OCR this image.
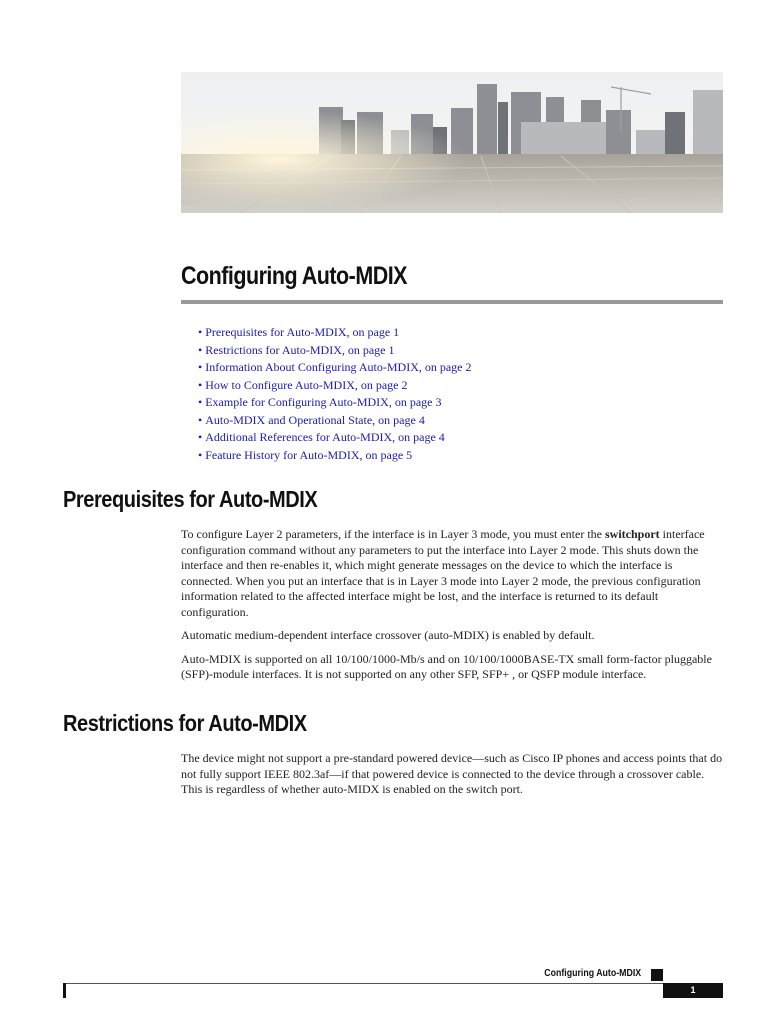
Configuring Auto-MDIX
• Prerequisites for Auto-MDIX, on page 1
• Restrictions for Auto-MDIX, on page 1
• Information About Configuring Auto-MDIX, on page 2
• How to Configure Auto-MDIX, on page 2
• Example for Configuring Auto-MDIX, on page 3
• Auto-MDIX and Operational State, on page 4
• Additional References for Auto-MDIX, on page 4
• Feature History for Auto-MDIX, on page 5
Prerequisites for Auto-MDIX

To configure Layer 2 parameters, if the interface is in Layer 3 mode, you must enter the switchport interface configuration command without any parameters to put the interface into Layer 2 mode. This shuts down the interface and then re-enables it, which might generate messages on the device to which the interface is connected. When you put an interface that is in Layer 3 mode into Layer 2 mode, the previous configuration information related to the affected interface might be lost, and the interface is returned to its default configuration.

Automatic medium-dependent interface crossover (auto-MDIX) is enabled by default.

Auto-MDIX is supported on all 10/100/1000-Mb/s and on 10/100/1000BASE-TX small form-factor pluggable (SFP)-module interfaces. It is not supported on any other SFP, SFP+ , or QSFP module interface.

Restrictions for Auto-MDIX

The device might not support a pre-standard powered device—such as Cisco IP phones and access points that do not fully support IEEE 802.3af—if that powered device is connected to the device through a crossover cable. This is regardless of whether auto-MIDX is enabled on the switch port.

Configuring Auto-MDIX
1
